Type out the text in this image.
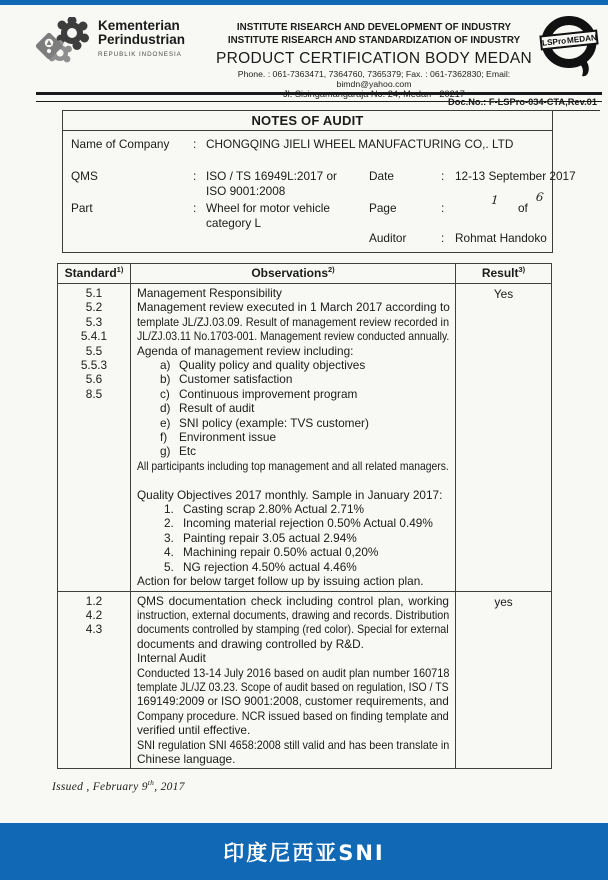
Kementerian
Perindustrian
REPUBLIK INDONESIA
INSTITUTE RISEARCH AND DEVELOPMENT OF INDUSTRY
INSTITUTE RISEARCH AND STANDARDIZATION OF INDUSTRY
PRODUCT CERTIFICATION BODY MEDAN
Phone. : 061-7363471, 7364760, 7365379; Fax. : 061-7362830; Email: bimdn@yahoo.com
Jl. Sisingamangaraja No. 24, Medan - 20217
LSPro MEDAN
Doc.No.: F-LSPro-034-CTA,Rev.01
NOTES OF AUDIT
Name of Company : CHONGQING JIELI WHEEL MANUFACTURING CO,. LTD
QMS	: ISO / TS 16949L:2017 or
ISO 9001:2008
Part	: Wheel for motor vehicle
category L
Date	: 12-13 September 2017
Page	:
1
of
6
Auditor	: Rohmat Handoko
Standard$^{1)}$	Observations$^{2)}$	Result$^{3)}$

5.1
5.2
5.3
5.4.1
5.5
5.5.3
5.6
8.5

Management Responsibility
Management review executed in 1 March 2017 according to
template JL/ZJ.03.09. Result of management review recorded in
JL/ZJ.03.11 No.1703-001. Management review conducted annually.
Agenda of management review including:
a) Quality policy and quality objectives
b) Customer satisfaction
c) Continuous improvement program
d) Result of audit
e) SNI policy (example: TVS customer)
f) Environment issue
g) Etc
All participants including top management and all related managers.
Quality Objectives 2017 monthly. Sample in January 2017:
1. Casting scrap 2.80% Actual 2.71%
2. Incoming material rejection 0.50% Actual 0.49%
3. Painting repair 3.05 actual 2.94%
4. Machining repair 0.50% actual 0,20%
5. NG rejection 4.50% actual 4.46%
Action for below target follow up by issuing action plan.
	Yes

1.2
4.2
4.3

QMS documentation check including control plan, working
instruction, external documents, drawing and records. Distribution
documents controlled by stamping (red color). Special for external
documents and drawing controlled by R&D.
Internal Audit
Conducted 13-14 July 2016 based on audit plan number 160718
template JL/JZ 03.23. Scope of audit based on regulation, ISO / TS
169149:2009 or ISO 9001:2008, customer requirements, and
Company procedure. NCR issued based on finding template and
verified until effective.
SNI regulation SNI 4658:2008 still valid and has been translate in
Chinese language.
	yes
Issued , February 9th, 2017
印度尼西亚SNI
